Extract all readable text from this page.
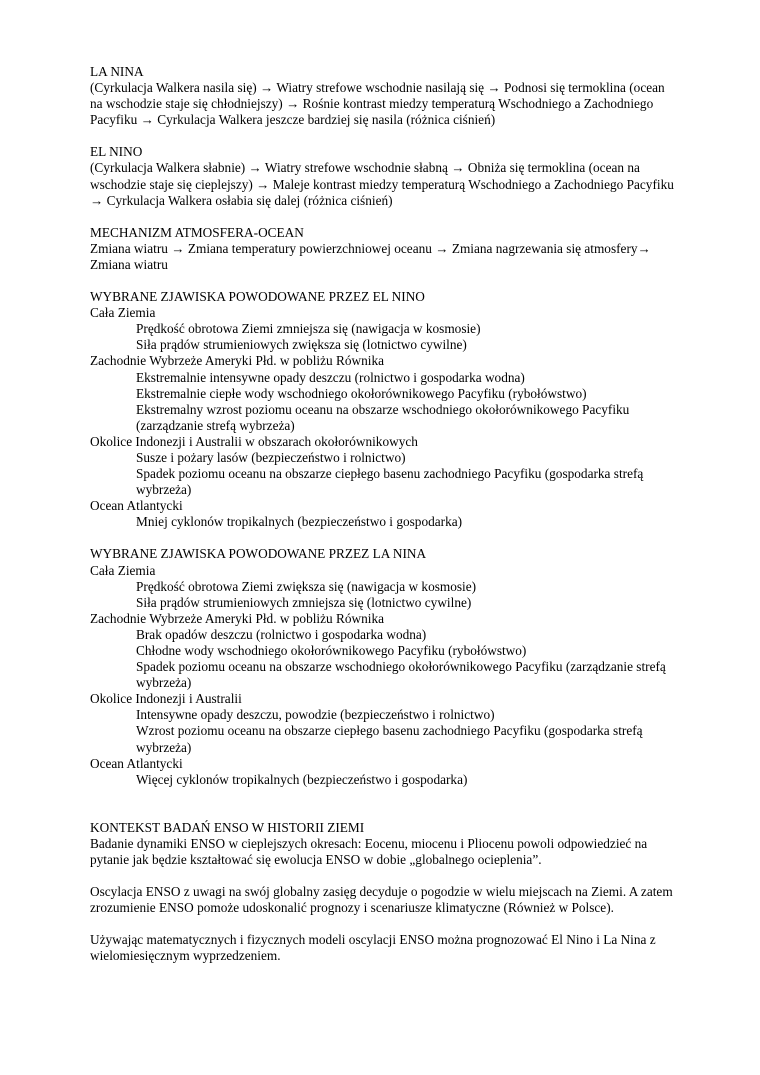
LA NINA

(Cyrkulacja Walkera nasila się) → Wiatry strefowe wschodnie nasilają się → Podnosi się termoklina (ocean na wschodzie staje się chłodniejszy) → Rośnie kontrast miedzy temperaturą Wschodniego a Zachodniego Pacyfiku → Cyrkulacja Walkera jeszcze bardziej się nasila (różnica ciśnień)

EL NINO

(Cyrkulacja Walkera słabnie) → Wiatry strefowe wschodnie słabną → Obniża się termoklina (ocean na wschodzie staje się cieplejszy) → Maleje kontrast miedzy temperaturą Wschodniego a Zachodniego Pacyfiku → Cyrkulacja Walkera osłabia się dalej (różnica ciśnień)

MECHANIZM ATMOSFERA-OCEAN

Zmiana wiatru → Zmiana temperatury powierzchniowej oceanu → Zmiana nagrzewania się atmosfery→ Zmiana wiatru

WYBRANE ZJAWISKA POWODOWANE PRZEZ EL NINO

Cała Ziemia

Prędkość obrotowa Ziemi zmniejsza się (nawigacja w kosmosie)

Siła prądów strumieniowych zwiększa się (lotnictwo cywilne)

Zachodnie Wybrzeże Ameryki Płd. w pobliżu Równika

Ekstremalnie intensywne opady deszczu (rolnictwo i gospodarka wodna)

Ekstremalnie ciepłe wody wschodniego okołorównikowego Pacyfiku (rybołówstwo)

Ekstremalny wzrost poziomu oceanu na obszarze wschodniego okołorównikowego Pacyfiku (zarządzanie strefą wybrzeża)

Okolice Indonezji i Australii w obszarach okołorównikowych

Susze i pożary lasów (bezpieczeństwo i rolnictwo)

Spadek poziomu oceanu na obszarze ciepłego basenu zachodniego Pacyfiku (gospodarka strefą wybrzeża)

Ocean Atlantycki

Mniej cyklonów tropikalnych (bezpieczeństwo i gospodarka)

WYBRANE ZJAWISKA POWODOWANE PRZEZ LA NINA

Cała Ziemia

Prędkość obrotowa Ziemi zwiększa się (nawigacja w kosmosie)

Siła prądów strumieniowych zmniejsza się (lotnictwo cywilne)

Zachodnie Wybrzeże Ameryki Płd. w pobliżu Równika

Brak opadów deszczu (rolnictwo i gospodarka wodna)

Chłodne wody wschodniego okołorównikowego Pacyfiku (rybołówstwo)

Spadek poziomu oceanu na obszarze wschodniego okołorównikowego Pacyfiku (zarządzanie strefą wybrzeża)

Okolice Indonezji i Australii

Intensywne opady deszczu, powodzie (bezpieczeństwo i rolnictwo)

Wzrost poziomu oceanu na obszarze ciepłego basenu zachodniego Pacyfiku (gospodarka strefą wybrzeża)

Ocean Atlantycki

Więcej cyklonów tropikalnych (bezpieczeństwo i gospodarka)

KONTEKST BADAŃ ENSO W HISTORII ZIEMI

Badanie dynamiki ENSO w cieplejszych okresach: Eocenu, miocenu i Pliocenu powoli odpowiedzieć na pytanie jak będzie kształtować się ewolucja ENSO w dobie „globalnego ocieplenia”.

Oscylacja ENSO z uwagi na swój globalny zasięg decyduje o pogodzie w wielu miejscach na Ziemi. A zatem zrozumienie ENSO pomoże udoskonalić prognozy i scenariusze klimatyczne (Również w Polsce).

Używając matematycznych i fizycznych modeli oscylacji ENSO można prognozować El Nino i La Nina z wielomiesięcznym wyprzedzeniem.
